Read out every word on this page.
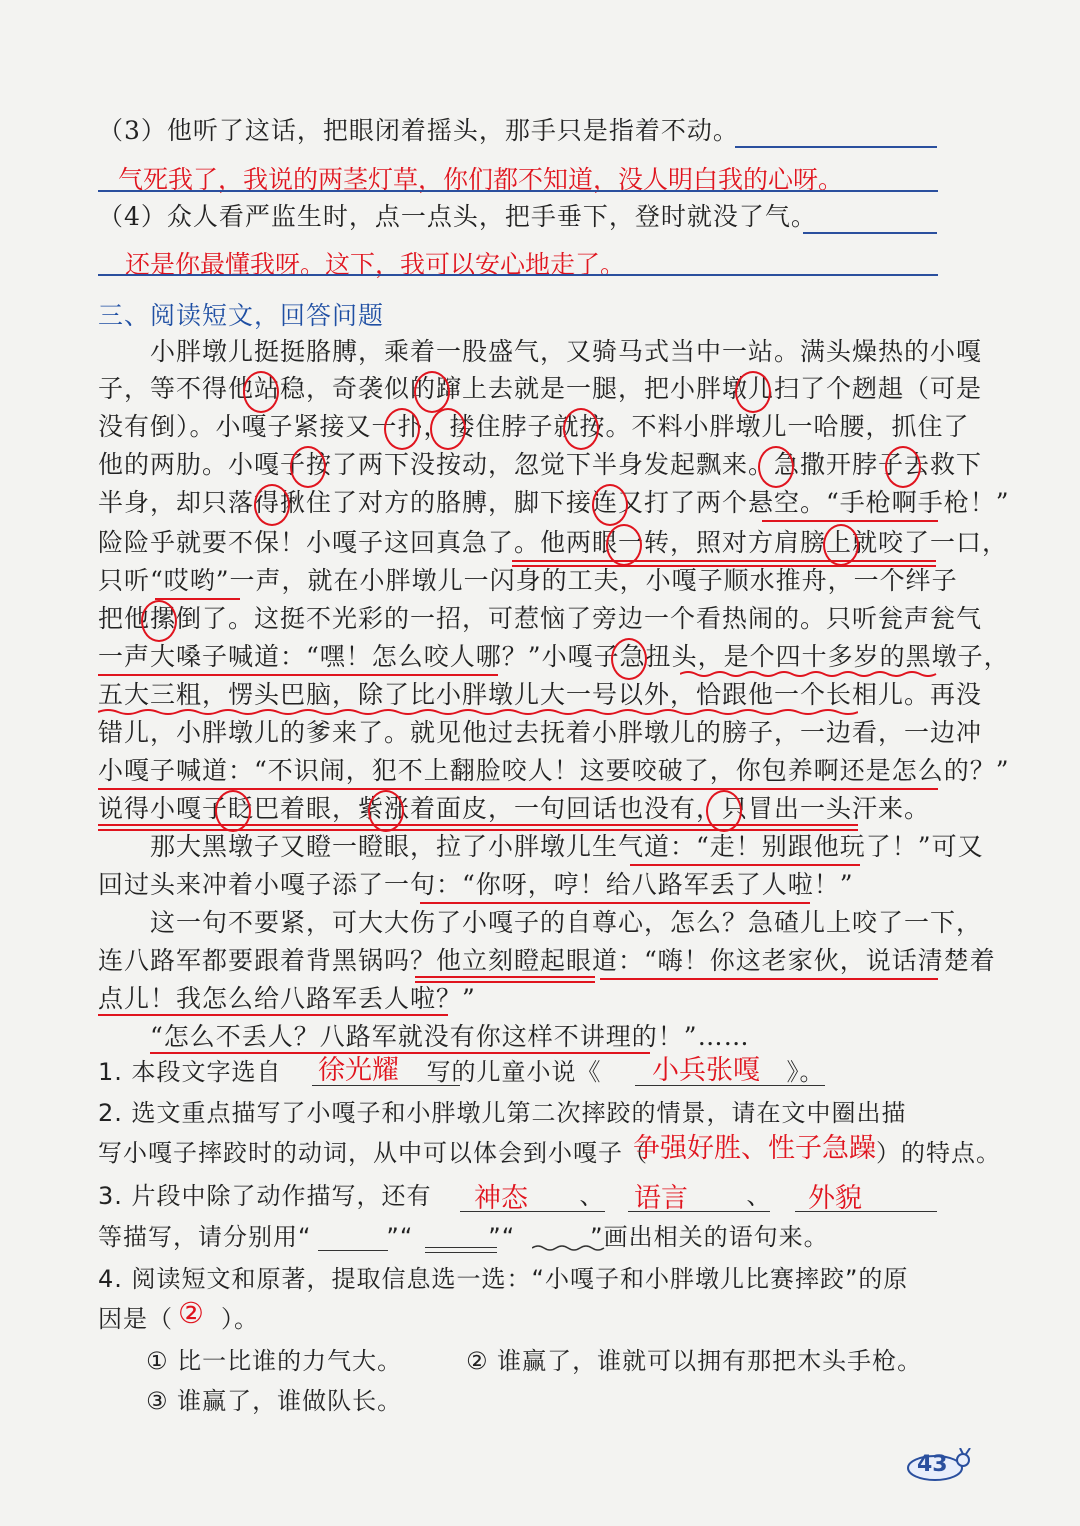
（3）他听了这话，把眼闭着摇头，那手只是指着不动。
气死我了，我说的两茎灯草，你们都不知道，没人明白我的心呀。
（4）众人看严监生时，点一点头，把手垂下，登时就没了气。
还是你最懂我呀。这下，我可以安心地走了。
三、阅读短文，回答问题
　　小胖墩儿挺挺胳膊，乘着一股盛气，又骑马式当中一站。满头燥热的小嘎
子，等不得他站稳，奇袭似的蹿上去就是一腿，把小胖墩儿扫了个趔趄（可是
没有倒）。小嘎子紧接又一扑，搂住脖子就按。不料小胖墩儿一哈腰，抓住了
他的两肋。小嘎子按了两下没按动，忽觉下半身发起飘来。急撒开脖子去救下
半身，却只落得揪住了对方的胳膊，脚下接连又打了两个悬空。“手枪啊手枪！”
险险乎就要不保！小嘎子这回真急了。他两眼一转，照对方肩膀上就咬了一口，
只听“哎哟”一声，就在小胖墩儿一闪身的工夫，小嘎子顺水推舟，一个绊子
把他摞倒了。这挺不光彩的一招，可惹恼了旁边一个看热闹的。只听瓮声瓮气
一声大嗓子喊道：“嘿！怎么咬人哪？”小嘎子急扭头，是个四十多岁的黑墩子，
五大三粗，愣头巴脑，除了比小胖墩儿大一号以外，恰跟他一个长相儿。再没
错儿，小胖墩儿的爹来了。就见他过去抚着小胖墩儿的膀子，一边看，一边冲
小嘎子喊道：“不识闹，犯不上翻脸咬人！这要咬破了，你包养啊还是怎么的？”
说得小嘎子眨巴着眼，紫涨着面皮，一句回话也没有，只冒出一头汗来。
　　那大黑墩子又瞪一瞪眼，拉了小胖墩儿生气道：“走！别跟他玩了！”可又
回过头来冲着小嘎子添了一句：“你呀，哼！给八路军丢了人啦！”
　　这一句不要紧，可大大伤了小嘎子的自尊心，怎么？急碴儿上咬了一下，
连八路军都要跟着背黑锅吗？他立刻瞪起眼道：“嗨！你这老家伙，说话清楚着
点儿！我怎么给八路军丢人啦？”
　　“怎么不丢人？八路军就没有你这样不讲理的！”……
1. 本段文字选自	写的儿童小说《	》。
徐光耀	小兵张嘎
2. 选文重点描写了小嘎子和小胖墩儿第二次摔跤的情景，请在文中圈出描
写小嘎子摔跤时的动词，从中可以体会到小嘎子（	）的特点。
争强好胜、性子急躁
3. 片段中除了动作描写，还有	、	、
神态	语言	外貌
等描写，请分别用“　　　”“　　　”“　　　”画出相关的语句来。
4. 阅读短文和原著，提取信息选一选：“小嘎子和小胖墩儿比赛摔跤”的原
因是（ ）。
②
① 比一比谁的力气大。	② 谁赢了，谁就可以拥有那把木头手枪。
③ 谁赢了，谁做队长。
43
